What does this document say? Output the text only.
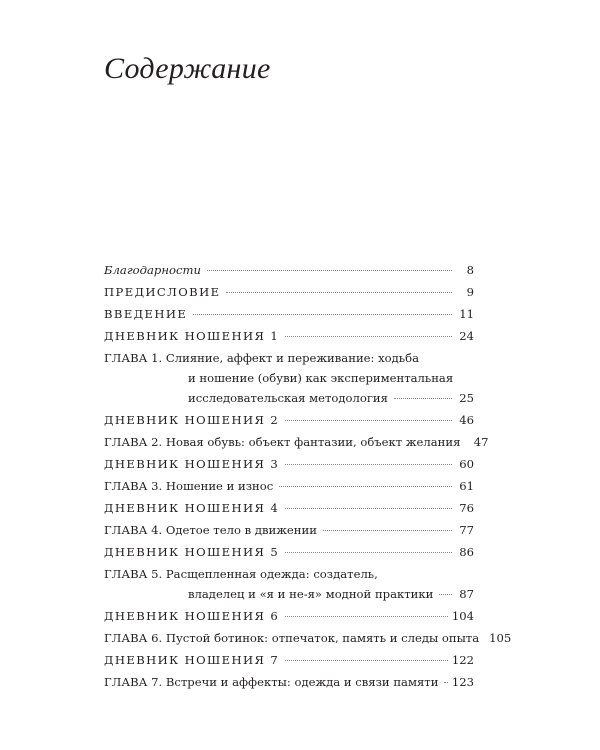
Содержание
Благодарности	8
ПРЕДИСЛОВИЕ	9
ВВЕДЕНИЕ	11
ДНЕВНИК НОШЕНИЯ 1	24
ГЛАВА 1. Слияние, аффект и переживание: ходьба
и ношение (обуви) как экспериментальная
исследовательская методология	25
ДНЕВНИК НОШЕНИЯ 2	46
ГЛАВА 2. Новая обувь: объект фантазии, объект желания 47
ДНЕВНИК НОШЕНИЯ 3	60
ГЛАВА 3. Ношение и износ	61
ДНЕВНИК НОШЕНИЯ 4	76
ГЛАВА 4. Одетое тело в движении	77
ДНЕВНИК НОШЕНИЯ 5	86
ГЛАВА 5. Расщепленная одежда: создатель,
владелец и «я и не-я» модной практики 87
ДНЕВНИК НОШЕНИЯ 6	104
ГЛАВА 6. Пустой ботинок: отпечаток, память и следы опыта 105
ДНЕВНИК НОШЕНИЯ 7	122
ГЛАВА 7. Встречи и аффекты: одежда и связи памяти 123
